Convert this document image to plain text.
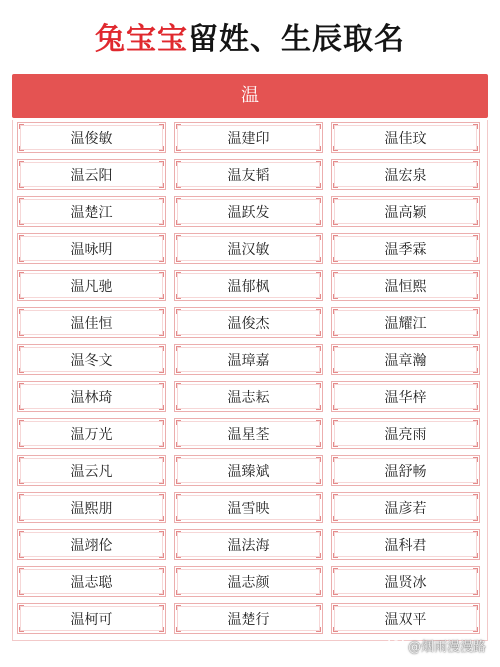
兔宝宝留姓、生辰取名
温
温俊敏	温建印	温佳玟
温云阳	温友韬	温宏泉
温楚江	温跃发	温高颖
温咏明	温汉敏	温季霖
温凡驰	温郁枫	温恒熙
温佳恒	温俊杰	温耀江
温冬文	温璋嘉	温章瀚
温林琦	温志耘	温华梓
温万光	温星荃	温亮雨
温云凡	温臻斌	温舒畅
温熙朋	温雪映	温彦若
温翊伦	温法海	温科君
温志聪	温志颜	温贤冰
温柯可	温楚行	温双平
@烟雨漫漫路
